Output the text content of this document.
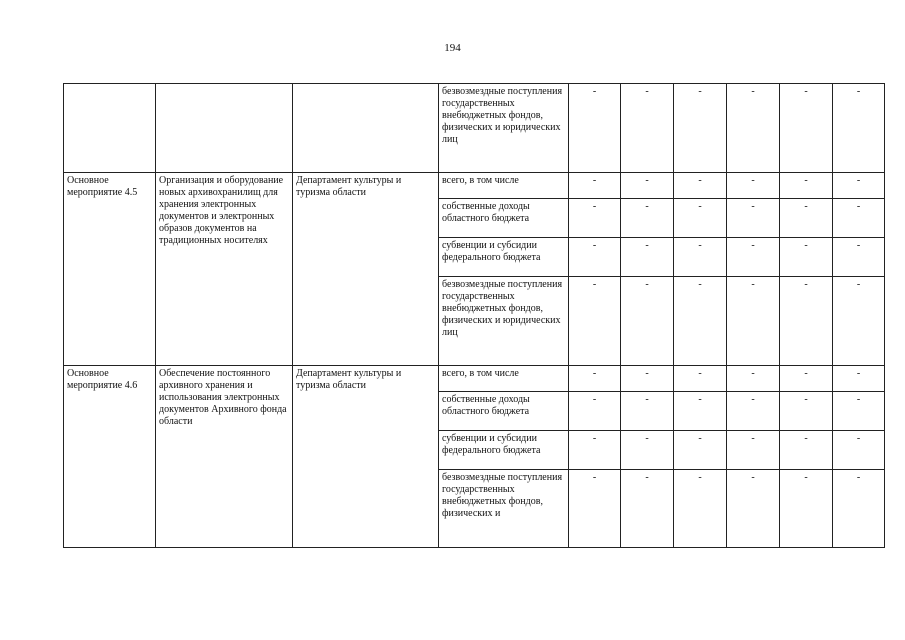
194
			безвозмездные поступления государственных внебюджетных фондов, физических и юридических лиц	-	-	-	-	-	-
Основное мероприятие 4.5	Организация и оборудование новых архивохранилищ для хранения электронных документов и электронных образов документов на традиционных носителях	Департамент культуры и туризма области	всего, в том числе	-	-	-	-	-	-
			собственные доходы областного бюджета	-	-	-	-	-	-
			субвенции и субсидии федерального бюджета	-	-	-	-	-	-
			безвозмездные поступления государственных внебюджетных фондов, физических и юридических лиц	-	-	-	-	-	-
Основное мероприятие 4.6	Обеспечение постоянного архивного хранения и использования электронных документов Архивного фонда области	Департамент культуры и туризма области	всего, в том числе	-	-	-	-	-	-
			собственные доходы областного бюджета	-	-	-	-	-	-
			субвенции и субсидии федерального бюджета	-	-	-	-	-	-
			безвозмездные поступления государственных внебюджетных фондов, физических и	-	-	-	-	-	-
